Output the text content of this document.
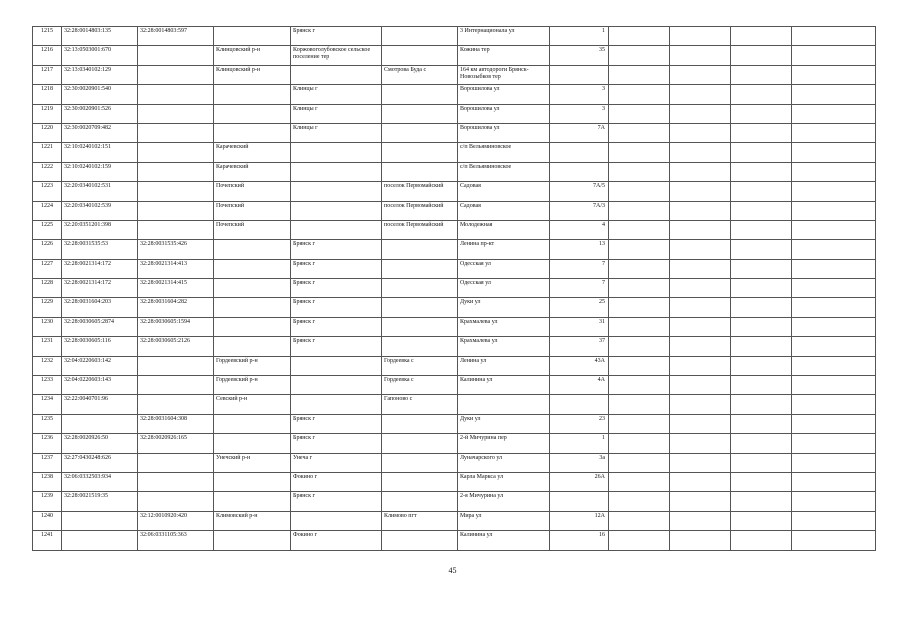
1215	32:28:0014803:135	32:28:0014803:597		Брянск г		3 Интернационала ул	1				
1216	32:13:0503001:670		Клинцовский р-н	Коржовоголубовское сельское поселение тер		Кожина тер	35				
1217	32:13:0340102:129		Клинцовский р-н		Смотрова Буда с	164 км автодороги Брянск-Новозыбков тер					
1218	32:30:0020901:540			Клинцы г		Ворошилова ул	3				
1219	32:30:0020901:526			Клинцы г		Ворошилова ул	3				
1220	32:30:0020709:482			Клинцы г		Ворошилова ул	7А				
1221	32:10:0240102:151		Карачевский			с/п Вельяминовское					
1222	32:10:0240102:159		Карачевский			с/п Вельяминовское					
1223	32:20:0340102:531		Почепский		поселок Первомайский	Садовая	7А/5				
1224	32:20:0340102:539		Почепский		поселок Первомайский	Садовая	7А/3				
1225	32:20:0351201:398		Почепский		поселок Первомайский	Молодежная	4				
1226	32:28:0031535:53	32:28:0031535:426		Брянск г		Ленина пр-кт	13				
1227	32:28:0021314:172	32:28:0021314:413		Брянск г		Одесская ул	7				
1228	32:28:0021314:172	32:28:0021314:415		Брянск г		Одесская ул	7				
1229	32:28:0031604:203	32:28:0031604:282		Брянск г		Дуки ул	25				
1230	32:28:0030605:2874	32:28:0030605:1594		Брянск г		Крахмалева ул	31				
1231	32:28:0030605:116	32:28:0030605:2126		Брянск г		Крахмалева ул	37				
1232	32:04:0220603:142		Гордеевский р-н		Гордеевка с	Ленина ул	43А				
1233	32:04:0220603:143		Гордеевский р-н		Гордеевка с	Калинина ул	4А				
1234	32:22:0040701:96		Севский р-н		Гапоново с						
1235		32:28:0031604:308		Брянск г		Дуки ул	23				
1236	32:28:0020926:50	32:28:0020926:165		Брянск г		2-й Мичурина пер	1				
1237	32:27:0430248:626		Унечский р-н	Унеча г		Луначарского ул	3а				
1238	32:06:0332503:934			Фокино г		Карла Маркса ул	26А				
1239	32:28:0021519:35			Брянск г		2-я Мичурина ул					
1240		32:12:0010920:420	Климовский р-н		Климово пгт	Мира ул	12А				
1241		32:06:0331105:363		Фокино г		Калинина ул	16				
45
